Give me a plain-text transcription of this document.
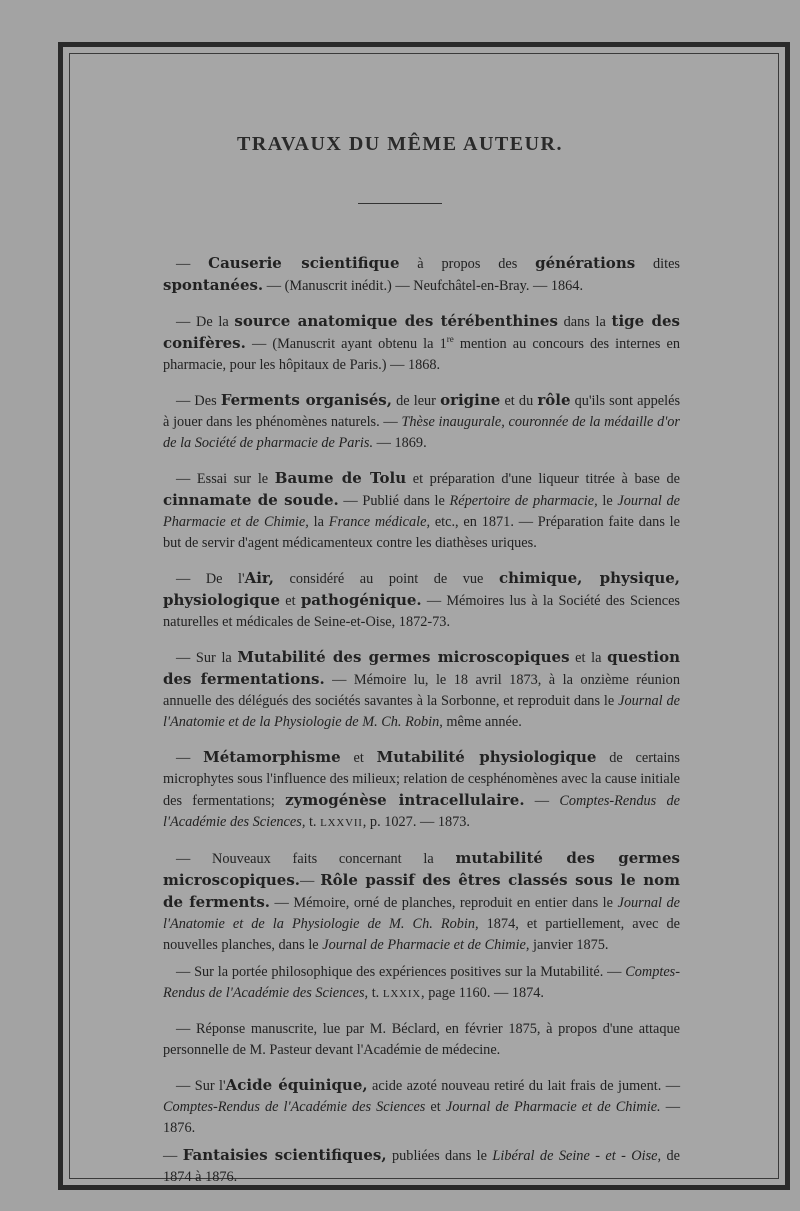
TRAVAUX DU MÊME AUTEUR.

— Causerie scientifique à propos des générations dites spontanées. — (Manuscrit inédit.) — Neufchâtel-en-Bray. — 1864.

— De la source anatomique des térébenthines dans la tige des conifères. — (Manuscrit ayant obtenu la 1re mention au concours des internes en pharmacie, pour les hôpitaux de Paris.) — 1868.

— Des Ferments organisés, de leur origine et du rôle qu'ils sont appelés à jouer dans les phénomènes naturels. — Thèse inaugurale, couronnée de la médaille d'or de la Société de pharmacie de Paris. — 1869.

— Essai sur le Baume de Tolu et préparation d'une liqueur titrée à base de cinnamate de soude. — Publié dans le Répertoire de pharmacie, le Journal de Pharmacie et de Chimie, la France médicale, etc., en 1871. — Préparation faite dans le but de servir d'agent médicamenteux contre les diathèses uriques.

— De l'Air, considéré au point de vue chimique, physique, physiologique et pathogénique. — Mémoires lus à la Société des Sciences naturelles et médicales de Seine-et-Oise, 1872-73.

— Sur la Mutabilité des germes microscopiques et la question des fermentations. — Mémoire lu, le 18 avril 1873, à la onzième réunion annuelle des délégués des sociétés savantes à la Sorbonne, et reproduit dans le Journal de l'Anatomie et de la Physiologie de M. Ch. Robin, même année.

— Métamorphisme et Mutabilité physiologique de certains microphytes sous l'influence des milieux; relation de cesphénomènes avec la cause initiale des fermentations; zymogénèse intracellulaire. — Comptes-Rendus de l'Académie des Sciences, t. LXXVII, p. 1027. — 1873.

— Nouveaux faits concernant la mutabilité des germes microscopiques.— Rôle passif des êtres classés sous le nom de ferments. — Mémoire, orné de planches, reproduit en entier dans le Journal de l'Anatomie et de la Physiologie de M. Ch. Robin, 1874, et partiellement, avec de nouvelles planches, dans le Journal de Pharmacie et de Chimie, janvier 1875.

— Sur la portée philosophique des expériences positives sur la Mutabilité. — Comptes-Rendus de l'Académie des Sciences, t. LXXIX, page 1160. — 1874.

— Réponse manuscrite, lue par M. Béclard, en février 1875, à propos d'une attaque personnelle de M. Pasteur devant l'Académie de médecine.

— Sur l'Acide équinique, acide azoté nouveau retiré du lait frais de jument. — Comptes-Rendus de l'Académie des Sciences et Journal de Pharmacie et de Chimie. — 1876.

— Fantaisies scientifiques, publiées dans le Libéral de Seine - et - Oise, de 1874 à 1876.
